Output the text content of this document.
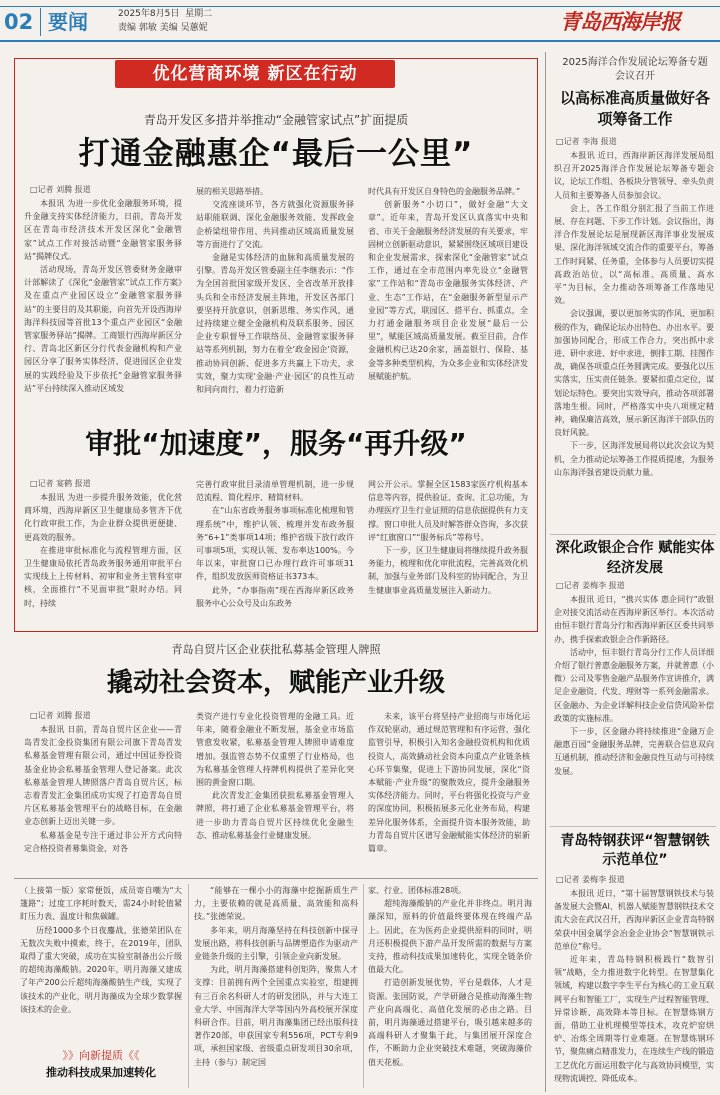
02 要闻	2025年8月5日 星期二
责编 郭敏 美编 吴蕙妮	青岛西海岸报
优化营商环境 新区在行动
青岛开发区多措并举推动“金融管家试点”扩面提质
打通金融惠企“最后一公里”
□记者 刘腾 报道

本报讯 为进一步优化金融服务环境，提升金融支持实体经济能力，日前，青岛开发区在青岛市经济技术开发区深化“金融管家”试点工作对接活动暨“金融管家服务驿站”揭牌仪式。

活动现场，青岛开发区管委财务金融审计部解读了《深化“金融管家”试点工作方案》及在重点产业园区设立“金融管家服务驿站”的主要目的及其职能，向首先开设西海岸海洋科技园等首批13个重点产业园区“金融管家服务驿站”揭牌。工商银行西海岸新区分行、青岛北区新区分行代表金融机构和产业园区分享了服务实体经济、促进园区企业发展的实践经验及下步依托“金融管家服务驿站”平台持续深入推动区域发

展的相关思路举措。

交流座谈环节，各方就强化资源服务驿站职能联调、深化金融服务效能、发挥政金企桥梁纽带作用、共同推动区域高质量发展等方面进行了交流。

金融是实体经济的血脉和高质量发展的引擎。青岛开发区管委副主任李继表示：“作为全国首批国家级开发区、全省改革开放排头兵和全市经济发展主阵地，开发区各部门要坚持开放意识，创新思维、务实作风，通过持续建立健全金融机构及联系服务、园区企业专职督导工作联络员、金融管家服务驿站等系列机制，努力在着全‘政金园企’资源，推动协同创新、促进多方共赢上下功夫，求实效，聚力实现‘金融·产业·园区’的良性互动和同向而行，着力打造新

时代具有开发区自身特色的金融服务品牌。”

创新服务“小切口”，做好金融“大文章”。近年来，青岛开发区认真落实中央和省、市关于金融服务经济发展的有关要求，牢固树立创新驱动意识，紧紧围绕区域项目建设和企业发展需求，探索深化“金融管家”试点工作，通过在全市范围内率先设立“金融管家”工作站和“青岛市金融服务实体经济、产业、生态”工作站，在“金融服务新型显示产业园”等方式，联园区、搭平台、抓重点，全力打通金融服务项目企业发展“最后一公里”，赋能区域高质量发展。截至目前，合作金融机构已达20余家，涵盖银行、保险、基金等多种类型机构，为众多企业和实体经济发展赋能护航。

审批“加速度”，服务“再升级”
□记者 宴鹤 报道

本报讯 为进一步提升服务效能，优化营商环境，西海岸新区卫生健康局多管齐下优化行政审批工作，为企业群众提供更便捷、更高效的服务。

在推进审批标准化与流程管理方面，区卫生健康局依托青岛政务服务通用审批平台实现线上上传材料、初审和业务主管科室审核，全面推行“不见面审批”限时办结。同时，持续

完善行政审批目录清单管理机制，进一步规范流程、简化程序、精简材料。

在“山东省政务服务事项标准化梳理和管理系统”中，维护认领、梳理并发布政务服务“6+1”类事项14项；维护省级下放行政许可事项5项，实现认领、发布率达100%。今年以来，审批窗口已办理行政许可事项31件，组织发放医师资格证书373本。

此外，“办事指南”现在西海岸新区政务服务中心公众号及山东政务

网公开公示。掌握全区1583家医疗机构基本信息等内容，提供验证、查询、汇总功能，为办理医疗卫生行业证照的信息依据提供有力支撑。窗口申批人员及时解答群众咨询，多次获评“红旗窗口”“服务标兵”等称号。

下一步，区卫生健康局将继续提升政务服务能力，梳理和优化审批流程，完善高效化机制，加强与业务部门及科室的协同配合，为卫生健康事业高质量发展注入新动力。

青岛自贸片区企业获批私募基金管理人牌照
撬动社会资本，赋能产业升级
□记者 刘腾 报道

本报讯 日前，青岛自贸片区企业——青岛青发汇金投资集团有限公司旗下青岛青发私募基金管理有限公司，通过中国证券投资基金业协会私募基金管理人登记备案。此次私募基金管理人牌照落户青岛自贸片区，标志着青发汇金集团成功实现了打造青岛自贸片区私募基金管理平台的战略目标，在金融业态创新上迈出关键一步。

私募基金是专注于通过非公开方式向特定合格投资者募集资金，对各

类资产进行专业化投资管理的金融工具。近年来，随着金融业不断发展，基金业市场监管愈发收紧，私募基金管理人牌照申请难度增加。强监管态势不仅重塑了行业格局，也为私募基金管理人持牌机构提供了差异化突围的黄金窗口期。

此次青发汇金集团获批私募基金管理人牌照，将打通了企业私募基金管理平台，将进一步助力青岛自贸片区持续优化金融生态、推动私募基金行业健康发展。

未来，该平台将坚持产业招商与市场化运作双轮驱动，通过规范管理和有序运营，强化监管引导，积极引入知名金融投资机构和优质投资人，高效撬动社会资本向重点产业链条核心环节集聚，促进上下游协同发展，深化“资本赋能·产业升级”的聚散效应，提升金融服务实体经济能力。同时，平台将强化投资与产业的深度协同，积极拓展多元化业务布局，构建差异化服务体系，全面提升资本服务效能，助力青岛自贸片区谱写金融赋能实体经济的崭新篇章。

（上接第一版）家常便饭，成员寄自嘲为“大篷路”；过度工序耗时数天，需24小时轮值紧盯压力表、温度计和焦碳罐。

历经1000多个日夜鏖战，张德荣团队在无数次失败中摸索，终于，在2019年，团队取得了重大突破，成功在实验室制备出公斤级的超纯海藻酸钠。2020年，明月海藻又建成了年产200公斤超纯海藻酸钠生产线，实现了该技术的产业化，明月海藻成为全球少数掌握该技术的企业。

》》向新提质《《
推动科技成果加速转化

“能够在一棵小小的海藻中挖掘新质生产力，主要依赖的就是高质量、高效能和高科技。”张德荣说。

多年来，明月海藻坚持在科技创新中探寻发展出路，将科技创新与品牌塑造作为驱动产业链条升级的主引擎，引领企业向新发展。

为此，明月海藻搭建科创矩阵，聚焦人才支撑：目前拥有两个全国重点实验室，组建拥有三百余名科研人才的研发团队，并与大连工业大学、中国海洋大学等国内外高校展开深度科研合作。目前，明月海藻集团已经出版科技著作20部，申获国家专利556项，PCT专利9项，承担国家级、省级重点研发项目30余项，主持（参与）制定国

家、行业、团体标准28项。

超纯海藻酸钠的产业化并非终点。明月海藻深知，原料的价值最终要体现在终端产品上。因此，在为医药企业提供原料的同时，明月还积极提供下游产品开发所需的数据与方案支持，推动科技成果加速转化，实现全链条价值最大化。

打造创新发展优势，平台是载体，人才是资源。张国防说，产学研融合是推动海藻生物产业向高端化、高值化发展的必由之路。目前，明月海藻通过搭建平台，吸引越来越多的高端科研人才聚集于此，与集团展开深度合作，不断助力企业突破技术难题，突破海藻价值天花板。

2025海洋合作发展论坛筹备专题会议召开
以高标准高质量做好各项筹备工作
□记者 李海 报道

本报讯 近日，西海岸新区海洋发展局组织召开2025海洋合作发展论坛筹备专题会议，论坛工作组、各板块分管领导、牵头负责人员和主要筹备人员参加会议。

会上，各工作组分别汇报了当前工作进展、存在问题、下步工作计划。会议指出，海洋合作发展论坛是展现新区海洋事业发展成果、深化海洋领域交流合作的重要平台，筹备工作时间紧、任务重，全体参与人员要切实提高政治站位，以“高标准、高质量、高水平”为目标，全力推动各项筹备工作落地见效。

会议强调，要以更加务实的作风、更加积极的作为，确保论坛办出特色、办出水平。要加强协同配合，形成工作合力，突出抓中求进、研中求进、好中求进，倒排工期、挂图作战，确保各项重点任务圆满完成。要强化以压实落实，压实责任链条。要紧扣重点定位，谋划论坛特色。要突出实效导向，推动各项部署落地生根。同时，严格落实中央八项规定精神，确保廉洁高效，展示新区海洋干部队伍的良好风貌。

下一步，区海洋发展局将以此次会议为契机，全力推动论坛筹备工作提质提速，为服务山东海洋强省建设贡献力量。

深化政银企合作 赋能实体经济发展
□记者 姜梅李 报道

本报讯 近日，“携兴实体 惠企同行”政银企对接交流活动在西海岸新区举行。本次活动由恒丰银行青岛分行和西海岸新区区委共同举办，携手探索政银企合作新路径。

活动中，恒丰银行青岛分行工作人员详细介绍了银行普惠金融服务方案，并就普惠（小微）公司及零售金融产品服务作宣讲推介，满足企业融资、代发、理财等一系列金融需求。区金融办、为企业详解科技企业信贷风险补偿政策的实施标准。

下一步，区金融办将持续推进“金融万企 融惠百园”金融服务品牌，完善联合信息双向互通机制，推动经济和金融良性互动与可持续发展。

青岛特钢获评“智慧钢铁示范单位”
□记者 姜梅李 报道

本报讯 近日，“第十届智慧钢铁技术与装备发展大会暨AI、机器人赋能智慧钢铁技术交流大会在武汉召开，西海岸新区企业青岛特钢荣获中国金属学会冶金企业协会“智慧钢铁示范单位”称号。

近年来，青岛特钢积极践行“数智引领”战略，全力推进数字化转型。在智慧集化领域，构建以数字孪生平台为核心的工业互联网平台和智能工厂，实现生产过程智能管理、异常诊断、高效降本等目标。在智慧炼钢方面，借助工业机理模型等技术，攻克炉窑烘炉、冶炼全周期等行业难题。在智慧炼钢环节，聚焦痛点精准发力，在连续生产线的锻造工艺优化方面运用数字化与高效协同模型，实现物流调控、降低成本。
